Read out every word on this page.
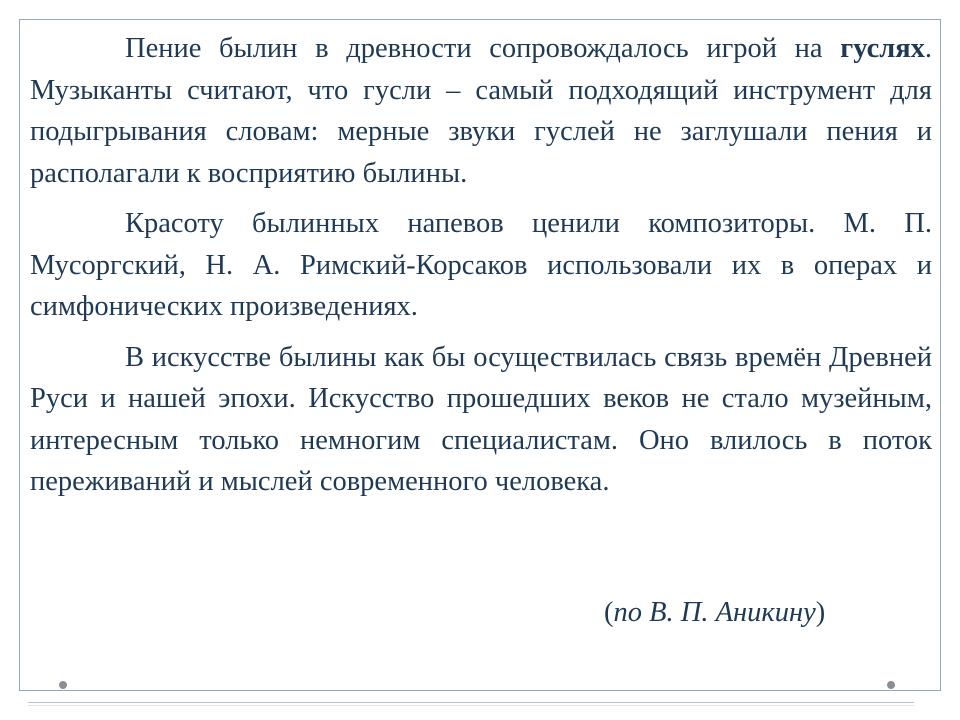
Пение былин в древности сопровождалось игрой на гуслях. Музыканты считают, что гусли – самый подходящий инструмент для подыгрывания словам: мерные звуки гуслей не заглушали пения и располагали к восприятию былины.

Красоту былинных напевов ценили композиторы. М. П. Мусоргский, Н. А. Римский-Корсаков использовали их в операх и симфонических произведениях.

В искусстве былины как бы осуществилась связь времён Древней Руси и нашей эпохи. Искусство прошедших веков не стало музейным, интересным только немногим специалистам. Оно влилось в поток переживаний и мыслей современного человека.

(по В. П. Аникину)
